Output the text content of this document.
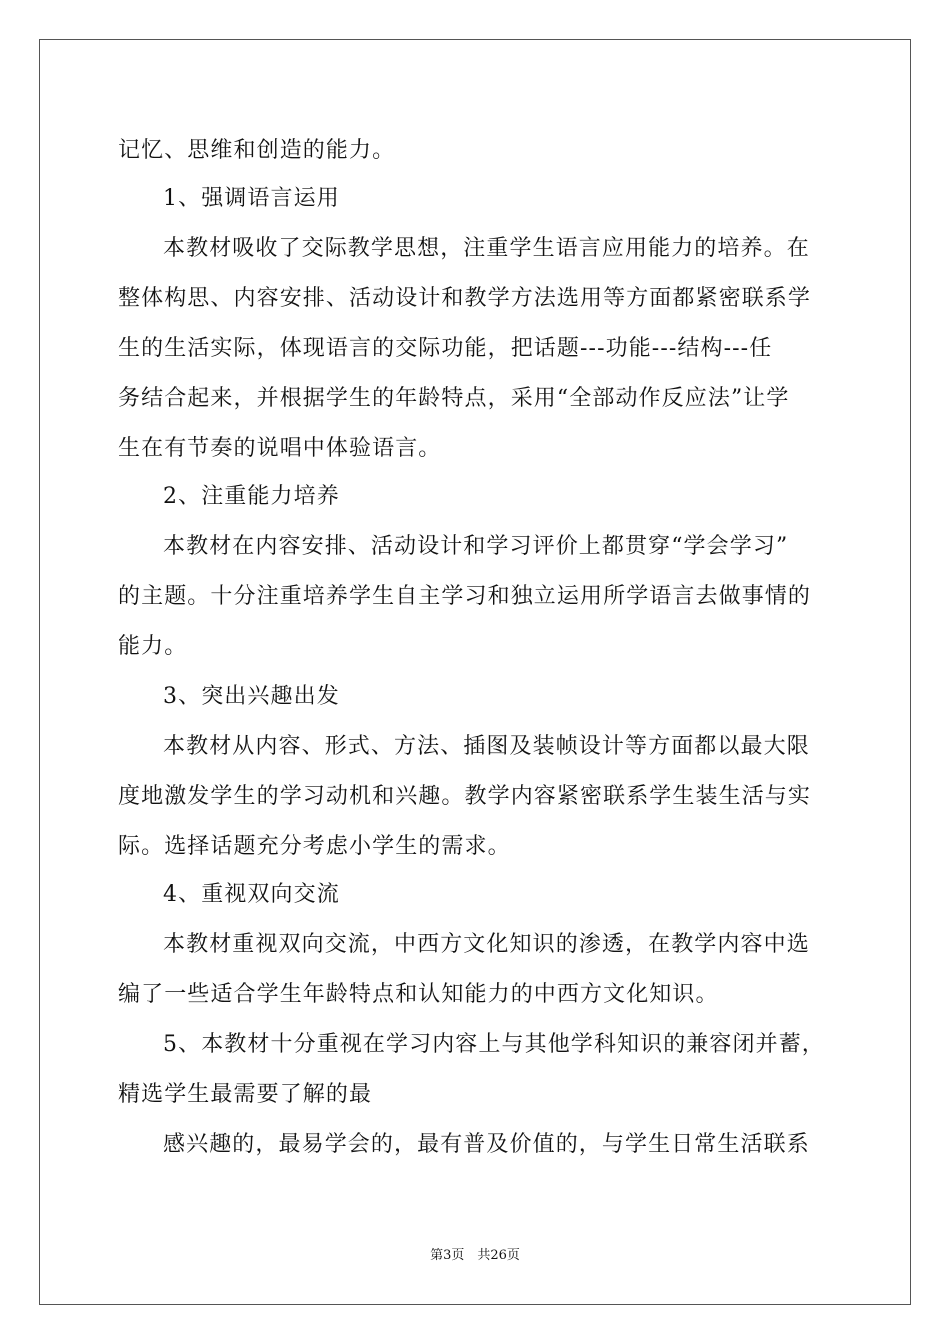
记忆、思维和创造的能力。
1、强调语言运用
本教材吸收了交际教学思想，注重学生语言应用能力的培养。在
整体构思、内容安排、活动设计和教学方法选用等方面都紧密联系学
生的生活实际，体现语言的交际功能，把话题---功能---结构---任
务结合起来，并根据学生的年龄特点，采用“全部动作反应法”让学
生在有节奏的说唱中体验语言。
2、注重能力培养
本教材在内容安排、活动设计和学习评价上都贯穿“学会学习”
的主题。十分注重培养学生自主学习和独立运用所学语言去做事情的
能力。
3、突出兴趣出发
本教材从内容、形式、方法、插图及装帧设计等方面都以最大限
度地激发学生的学习动机和兴趣。教学内容紧密联系学生装生活与实
际。选择话题充分考虑小学生的需求。
4、重视双向交流
本教材重视双向交流，中西方文化知识的渗透，在教学内容中选
编了一些适合学生年龄特点和认知能力的中西方文化知识。
5、本教材十分重视在学习内容上与其他学科知识的兼容闭并蓄，
精选学生最需要了解的最
感兴趣的，最易学会的，最有普及价值的，与学生日常生活联系
第3页　共26页
